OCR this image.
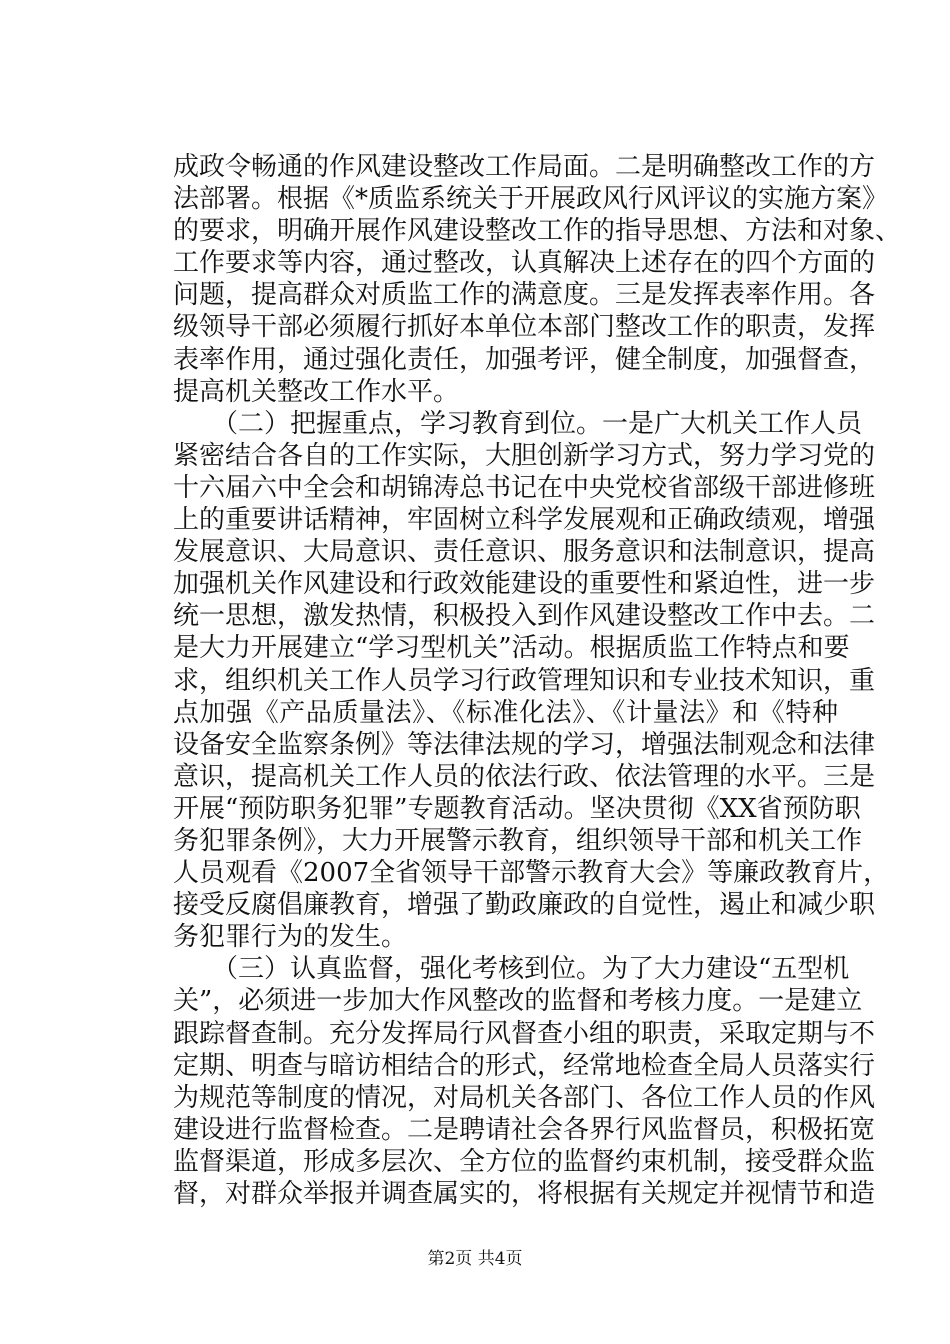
成政令畅通的作风建设整改工作局面。二是明确整改工作的方
法部署。根据《*质监系统关于开展政风行风评议的实施方案》
的要求，明确开展作风建设整改工作的指导思想、方法和对象、
工作要求等内容，通过整改，认真解决上述存在的四个方面的
问题，提高群众对质监工作的满意度。三是发挥表率作用。各
级领导干部必须履行抓好本单位本部门整改工作的职责，发挥
表率作用，通过强化责任，加强考评，健全制度，加强督查，
提高机关整改工作水平。
　　（二）把握重点，学习教育到位。一是广大机关工作人员
紧密结合各自的工作实际，大胆创新学习方式，努力学习党的
十六届六中全会和胡锦涛总书记在中央党校省部级干部进修班
上的重要讲话精神，牢固树立科学发展观和正确政绩观，增强
发展意识、大局意识、责任意识、服务意识和法制意识，提高
加强机关作风建设和行政效能建设的重要性和紧迫性，进一步
统一思想，激发热情，积极投入到作风建设整改工作中去。二
是大力开展建立“学习型机关”活动。根据质监工作特点和要
求，组织机关工作人员学习行政管理知识和专业技术知识，重
点加强《产品质量法》、《标准化法》、《计量法》和《特种
设备安全监察条例》等法律法规的学习，增强法制观念和法律
意识，提高机关工作人员的依法行政、依法管理的水平。三是
开展“预防职务犯罪”专题教育活动。坚决贯彻《XX省预防职
务犯罪条例》，大力开展警示教育，组织领导干部和机关工作
人员观看《2007全省领导干部警示教育大会》等廉政教育片，
接受反腐倡廉教育，增强了勤政廉政的自觉性，遏止和减少职
务犯罪行为的发生。
　　（三）认真监督，强化考核到位。为了大力建设“五型机
关”，必须进一步加大作风整改的监督和考核力度。一是建立
跟踪督查制。充分发挥局行风督查小组的职责，采取定期与不
定期、明查与暗访相结合的形式，经常地检查全局人员落实行
为规范等制度的情况，对局机关各部门、各位工作人员的作风
建设进行监督检查。二是聘请社会各界行风监督员，积极拓宽
监督渠道，形成多层次、全方位的监督约束机制，接受群众监
督，对群众举报并调查属实的，将根据有关规定并视情节和造
第2页 共4页
